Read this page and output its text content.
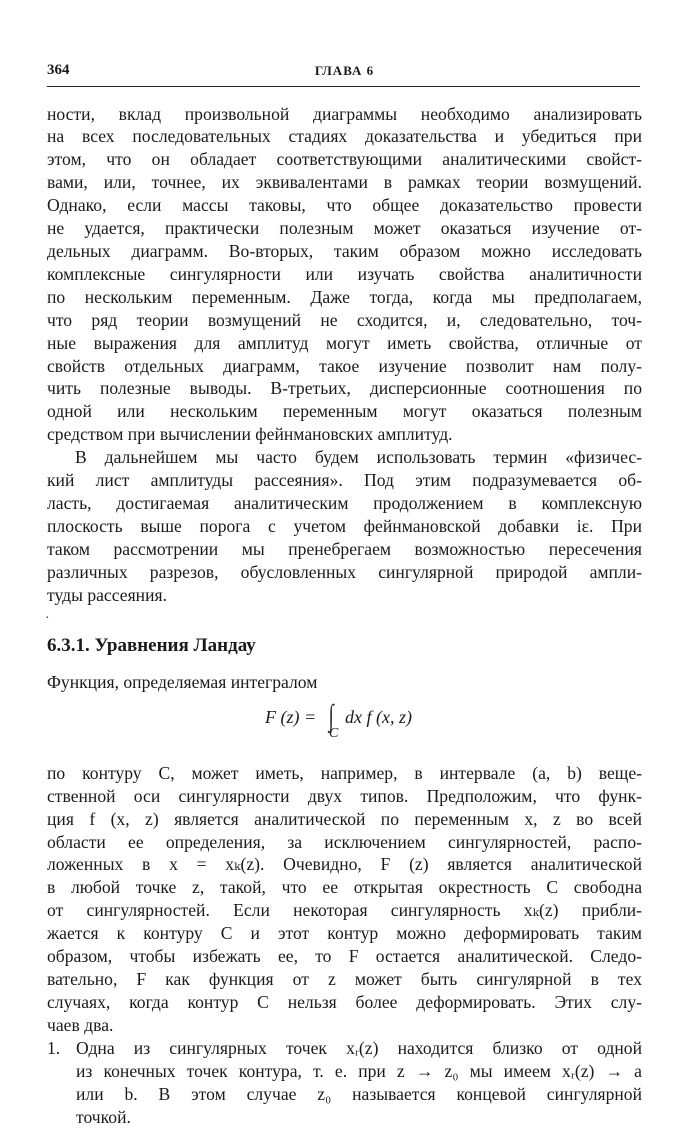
364	ГЛАВА 6
ности, вклад произвольной диаграммы необходимо анализировать
на всех последовательных стадиях доказательства и убедиться при
этом, что он обладает соответствующими аналитическими свойст-
вами, или, точнее, их эквивалентами в рамках теории возмущений.
Однако, если массы таковы, что общее доказательство провести
не удается, практически полезным может оказаться изучение от-
дельных диаграмм. Во-вторых, таким образом можно исследовать
комплексные сингулярности или изучать свойства аналитичности
по нескольким переменным. Даже тогда, когда мы предполагаем,
что ряд теории возмущений не сходится, и, следовательно, точ-
ные выражения для амплитуд могут иметь свойства, отличные от
свойств отдельных диаграмм, такое изучение позволит нам полу-
чить полезные выводы. В-третьих, дисперсионные соотношения по
одной или нескольким переменным могут оказаться полезным
средством при вычислении фейнмановских амплитуд.
В дальнейшем мы часто будем использовать термин «физичес-
кий лист амплитуды рассеяния». Под этим подразумевается об-
ласть, достигаемая аналитическим продолжением в комплексную
плоскость выше порога с учетом фейнмановской добавки iε. При
таком рассмотрении мы пренебрегаем возможностью пересечения
различных разрезов, обусловленных сингулярной природой ампли-
туды рассеяния.
·
6.3.1. Уравнения Ландау
Функция, определяемая интегралом
F (z) = ∫
C
dx f (x, z)
по контуру C, может иметь, например, в интервале (a, b) веще-
ственной оси сингулярности двух типов. Предположим, что функ-
ция f (x, z) является аналитической по переменным x, z во всей
области ее определения, за исключением сингулярностей, распо-
ложенных в x = xₖ(z). Очевидно, F (z) является аналитической
в любой точке z, такой, что ее открытая окрестность C свободна
от сингулярностей. Если некоторая сингулярность xₖ(z) прибли-
жается к контуру C и этот контур можно деформировать таким
образом, чтобы избежать ее, то F остается аналитической. Следо-
вательно, F как функция от z может быть сингулярной в тех
случаях, когда контур C нельзя более деформировать. Этих слу-
чаев два.
1. Одна из сингулярных точек xᵣ(z) находится близко от одной
из конечных точек контура, т. е. при z → z₀ мы имеем xᵣ(z) → a
или b. В этом случае z₀ называется концевой сингулярной
точкой.
